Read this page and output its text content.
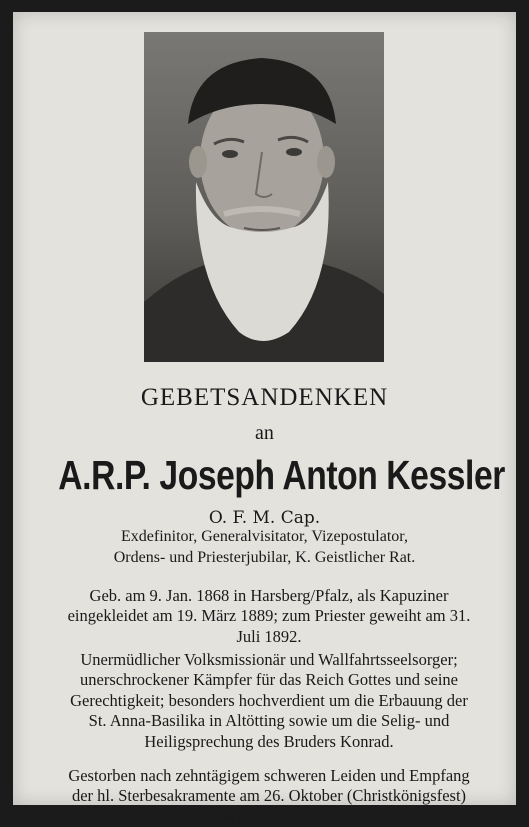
GEBETSANDENKEN

an

A.R.P. Joseph Anton Kessler

O. F. M. Cap.

Exdefinitor, Generalvisitator, Vizepostulator,

Ordens- und Priesterjubilar, K. Geistlicher Rat.

Geb. am 9. Jan. 1868 in Harsberg/Pfalz, als Kapuziner eingekleidet am 19. März 1889; zum Priester geweiht am 31. Juli 1892.

Unermüdlicher Volksmissionär und Wallfahrtsseelsorger; unerschrockener Kämpfer für das Reich Gottes und seine Gerechtigkeit; besonders hochverdient um die Erbauung der St. Anna-Basilika in Altötting sowie um die Selig- und Heiligsprechung des Bruders Konrad.

Gestorben nach zehntägigem schweren Leiden und Empfang der hl. Sterbesakramente am 26. Oktober (Christkönigsfest) 1947 in Altötting.
